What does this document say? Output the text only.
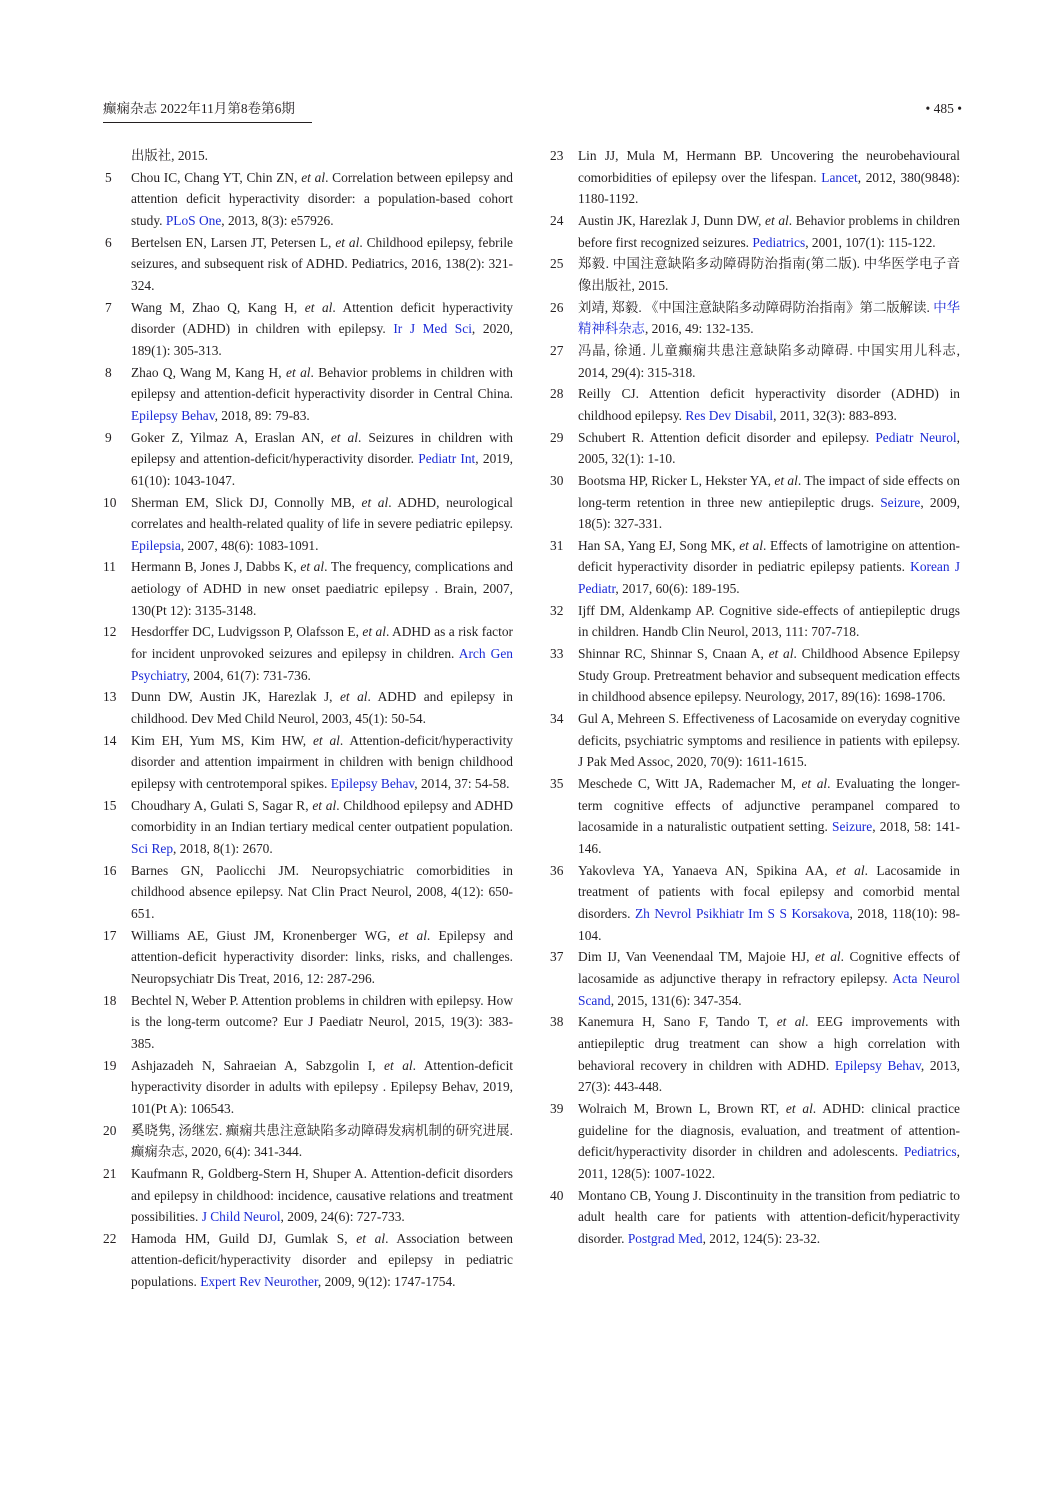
癫痫杂志 2022年11月第8卷第6期	• 485 •
出版社, 2015.
5	Chou IC, Chang YT, Chin ZN, et al. Correlation between epilepsy and attention deficit hyperactivity disorder: a population-based cohort study. PLoS One, 2013, 8(3): e57926.
6	Bertelsen EN, Larsen JT, Petersen L, et al. Childhood epilepsy, febrile seizures, and subsequent risk of ADHD. Pediatrics, 2016, 138(2): 321-324.
7	Wang M, Zhao Q, Kang H, et al. Attention deficit hyperactivity disorder (ADHD) in children with epilepsy. Ir J Med Sci, 2020, 189(1): 305-313.
8	Zhao Q, Wang M, Kang H, et al. Behavior problems in children with epilepsy and attention-deficit hyperactivity disorder in Central China. Epilepsy Behav, 2018, 89: 79-83.
9	Goker Z, Yilmaz A, Eraslan AN, et al. Seizures in children with epilepsy and attention-deficit/hyperactivity disorder. Pediatr Int, 2019, 61(10): 1043-1047.
10	Sherman EM, Slick DJ, Connolly MB, et al. ADHD, neurological correlates and health-related quality of life in severe pediatric epilepsy. Epilepsia, 2007, 48(6): 1083-1091.
11	Hermann B, Jones J, Dabbs K, et al. The frequency, complications and aetiology of ADHD in new onset paediatric epilepsy . Brain, 2007, 130(Pt 12): 3135-3148.
12	Hesdorffer DC, Ludvigsson P, Olafsson E, et al. ADHD as a risk factor for incident unprovoked seizures and epilepsy in children. Arch Gen Psychiatry, 2004, 61(7): 731-736.
13	Dunn DW, Austin JK, Harezlak J, et al. ADHD and epilepsy in childhood. Dev Med Child Neurol, 2003, 45(1): 50-54.
14	Kim EH, Yum MS, Kim HW, et al. Attention-deficit/hyperactivity disorder and attention impairment in children with benign childhood epilepsy with centrotemporal spikes. Epilepsy Behav, 2014, 37: 54-58.
15	Choudhary A, Gulati S, Sagar R, et al. Childhood epilepsy and ADHD comorbidity in an Indian tertiary medical center outpatient population. Sci Rep, 2018, 8(1): 2670.
16	Barnes GN, Paolicchi JM. Neuropsychiatric comorbidities in childhood absence epilepsy. Nat Clin Pract Neurol, 2008, 4(12): 650-651.
17	Williams AE, Giust JM, Kronenberger WG, et al. Epilepsy and attention-deficit hyperactivity disorder: links, risks, and challenges. Neuropsychiatr Dis Treat, 2016, 12: 287-296.
18	Bechtel N, Weber P. Attention problems in children with epilepsy. How is the long-term outcome? Eur J Paediatr Neurol, 2015, 19(3): 383-385.
19	Ashjazadeh N, Sahraeian A, Sabzgolin I, et al. Attention-deficit hyperactivity disorder in adults with epilepsy . Epilepsy Behav, 2019, 101(Pt A): 106543.
20	奚晓隽, 汤继宏. 癫痫共患注意缺陷多动障碍发病机制的研究进展. 癫痫杂志, 2020, 6(4): 341-344.
21	Kaufmann R, Goldberg-Stern H, Shuper A. Attention-deficit disorders and epilepsy in childhood: incidence, causative relations and treatment possibilities. J Child Neurol, 2009, 24(6): 727-733.
22	Hamoda HM, Guild DJ, Gumlak S, et al. Association between attention-deficit/hyperactivity disorder and epilepsy in pediatric populations. Expert Rev Neurother, 2009, 9(12): 1747-1754.
23	Lin JJ, Mula M, Hermann BP. Uncovering the neurobehavioural comorbidities of epilepsy over the lifespan. Lancet, 2012, 380(9848): 1180-1192.
24	Austin JK, Harezlak J, Dunn DW, et al. Behavior problems in children before first recognized seizures. Pediatrics, 2001, 107(1): 115-122.
25	郑毅. 中国注意缺陷多动障碍防治指南(第二版). 中华医学电子音像出版社, 2015.
26	刘靖, 郑毅. 《中国注意缺陷多动障碍防治指南》第二版解读. 中华精神科杂志, 2016, 49: 132-135.
27	冯晶, 徐通. 儿童癫痫共患注意缺陷多动障碍. 中国实用儿科志, 2014, 29(4): 315-318.
28	Reilly CJ. Attention deficit hyperactivity disorder (ADHD) in childhood epilepsy. Res Dev Disabil, 2011, 32(3): 883-893.
29	Schubert R. Attention deficit disorder and epilepsy. Pediatr Neurol, 2005, 32(1): 1-10.
30	Bootsma HP, Ricker L, Hekster YA, et al. The impact of side effects on long-term retention in three new antiepileptic drugs. Seizure, 2009, 18(5): 327-331.
31	Han SA, Yang EJ, Song MK, et al. Effects of lamotrigine on attention-deficit hyperactivity disorder in pediatric epilepsy patients. Korean J Pediatr, 2017, 60(6): 189-195.
32	Ijff DM, Aldenkamp AP. Cognitive side-effects of antiepileptic drugs in children. Handb Clin Neurol, 2013, 111: 707-718.
33	Shinnar RC, Shinnar S, Cnaan A, et al. Childhood Absence Epilepsy Study Group. Pretreatment behavior and subsequent medication effects in childhood absence epilepsy. Neurology, 2017, 89(16): 1698-1706.
34	Gul A, Mehreen S. Effectiveness of Lacosamide on everyday cognitive deficits, psychiatric symptoms and resilience in patients with epilepsy. J Pak Med Assoc, 2020, 70(9): 1611-1615.
35	Meschede C, Witt JA, Rademacher M, et al. Evaluating the longer-term cognitive effects of adjunctive perampanel compared to lacosamide in a naturalistic outpatient setting. Seizure, 2018, 58: 141-146.
36	Yakovleva YA, Yanaeva AN, Spikina AA, et al. Lacosamide in treatment of patients with focal epilepsy and comorbid mental disorders. Zh Nevrol Psikhiatr Im S S Korsakova, 2018, 118(10): 98-104.
37	Dim IJ, Van Veenendaal TM, Majoie HJ, et al. Cognitive effects of lacosamide as adjunctive therapy in refractory epilepsy. Acta Neurol Scand, 2015, 131(6): 347-354.
38	Kanemura H, Sano F, Tando T, et al. EEG improvements with antiepileptic drug treatment can show a high correlation with behavioral recovery in children with ADHD. Epilepsy Behav, 2013, 27(3): 443-448.
39	Wolraich M, Brown L, Brown RT, et al. ADHD: clinical practice guideline for the diagnosis, evaluation, and treatment of attention-deficit/hyperactivity disorder in children and adolescents. Pediatrics, 2011, 128(5): 1007-1022.
40	Montano CB, Young J. Discontinuity in the transition from pediatric to adult health care for patients with attention-deficit/hyperactivity disorder. Postgrad Med, 2012, 124(5): 23-32.
